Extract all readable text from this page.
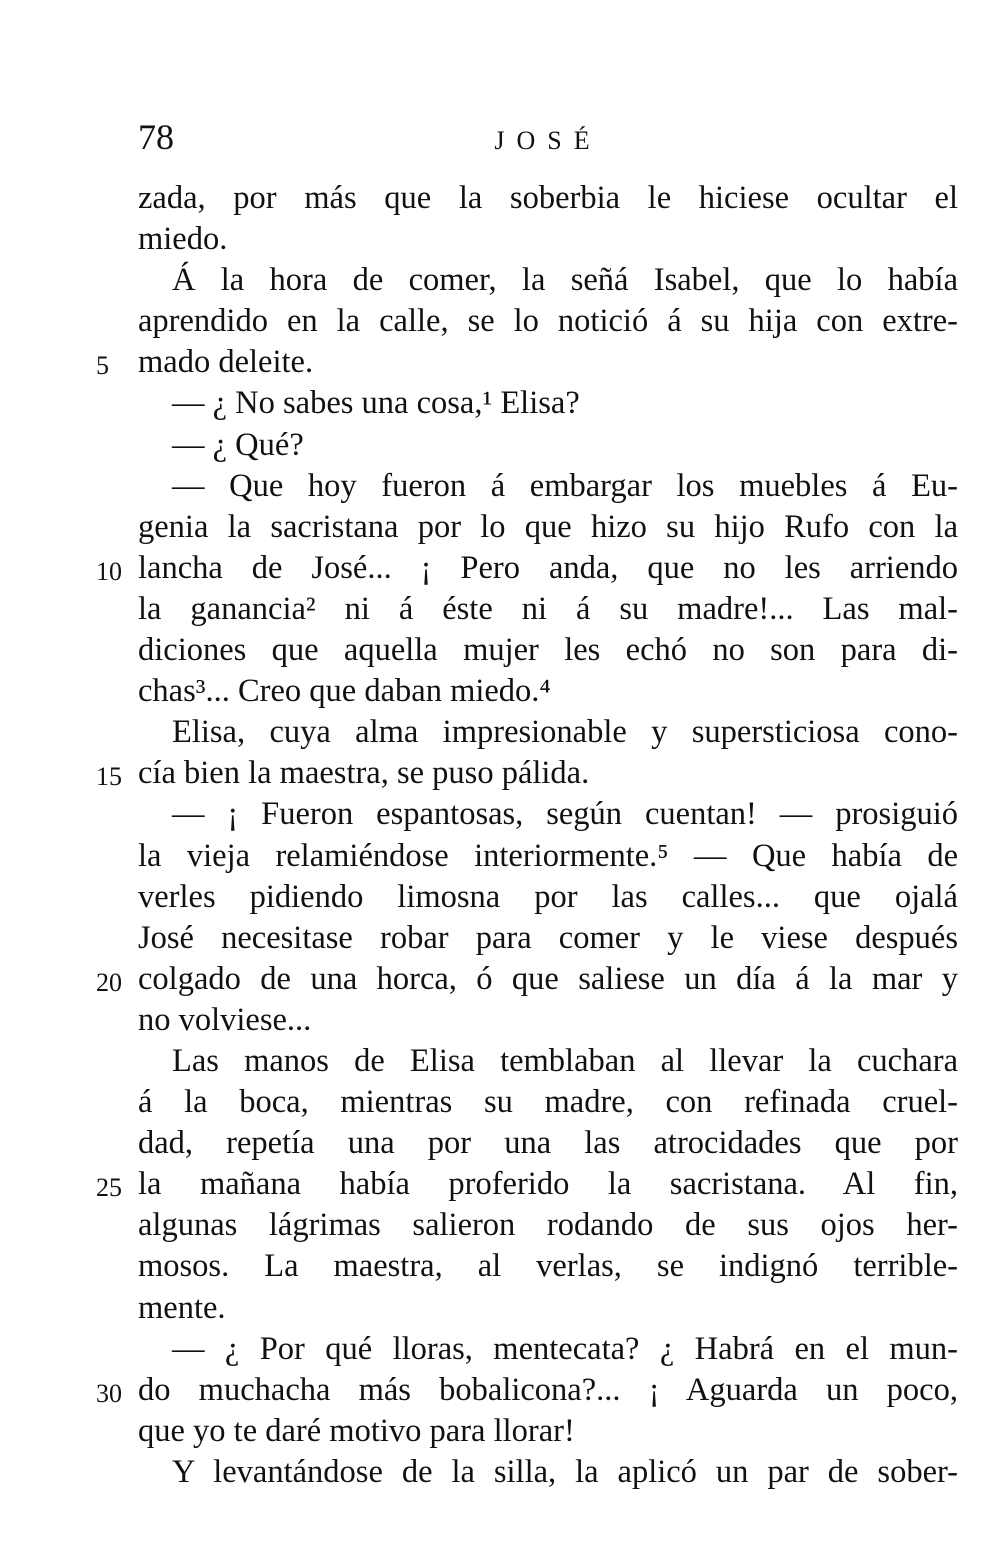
78	JOSÉ
zada, por más que la soberbia le hiciese ocultar el
miedo.
Á la hora de comer, la señá Isabel, que lo había
aprendido en la calle, se lo notició á su hija con extre-
5 mado deleite.
— ¿ No sabes una cosa,¹ Elisa?
— ¿ Qué?
— Que hoy fueron á embargar los muebles á Eu-
genia la sacristana por lo que hizo su hijo Rufo con la
10 lancha de José... ¡ Pero anda, que no les arriendo
la ganancia² ni á éste ni á su madre!... Las mal-
diciones que aquella mujer les echó no son para di-
chas³... Creo que daban miedo.⁴
Elisa, cuya alma impresionable y supersticiosa cono-
15 cía bien la maestra, se puso pálida.
— ¡ Fueron espantosas, según cuentan! — prosiguió
la vieja relamiéndose interiormente.⁵ — Que había de
verles pidiendo limosna por las calles... que ojalá
José necesitase robar para comer y le viese después
20 colgado de una horca, ó que saliese un día á la mar y
no volviese...
Las manos de Elisa temblaban al llevar la cuchara
á la boca, mientras su madre, con refinada cruel-
dad, repetía una por una las atrocidades que por
25 la mañana había proferido la sacristana. Al fin,
algunas lágrimas salieron rodando de sus ojos her-
mosos. La maestra, al verlas, se indignó terrible-
mente.
— ¿ Por qué lloras, mentecata? ¿ Habrá en el mun-
30 do muchacha más bobalicona?... ¡ Aguarda un poco,
que yo te daré motivo para llorar!
Y levantándose de la silla, la aplicó un par de sober-
